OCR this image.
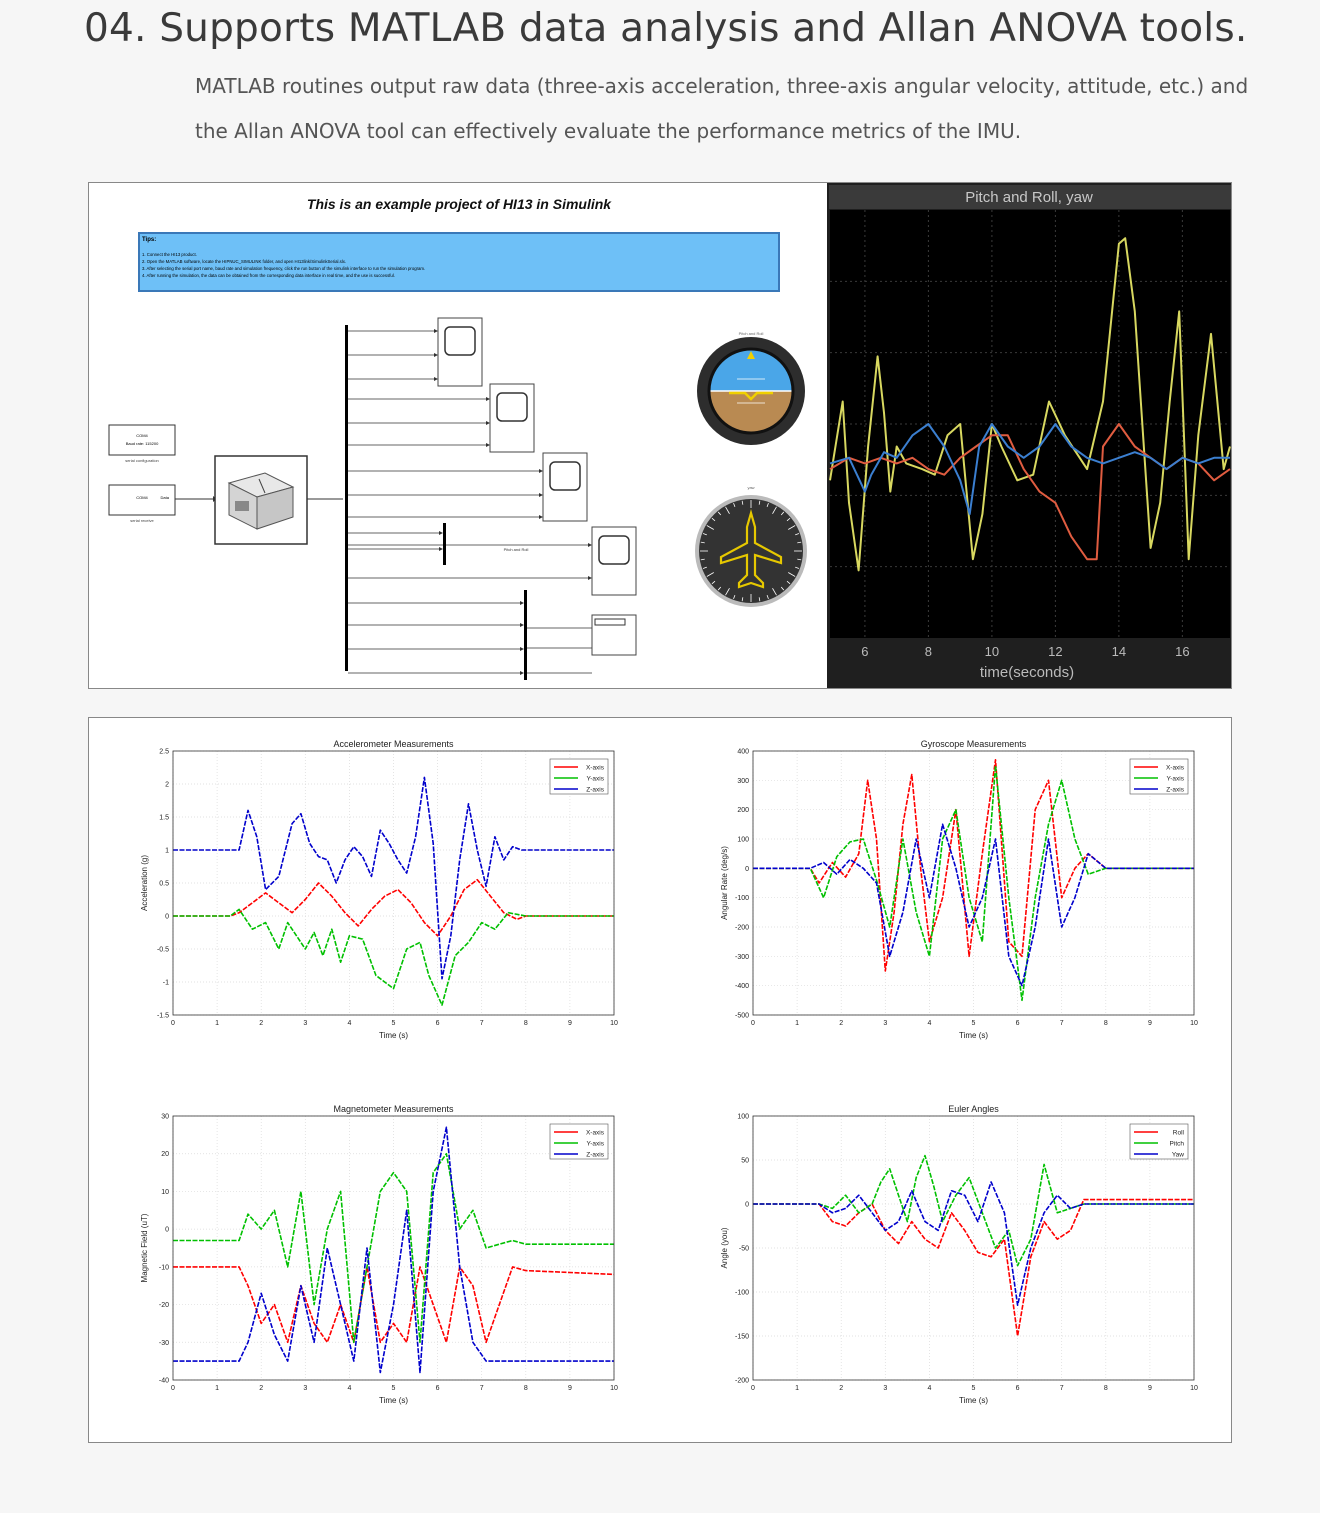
04. Supports MATLAB data analysis and Allan ANOVA tools.
MATLAB routines output raw data (three-axis acceleration, three-axis angular velocity, attitude, etc.) and
the Allan ANOVA tool can effectively evaluate the performance metrics of the IMU.
This is an example project of HI13 in Simulink
Tips:
1. Connect the HI13 product.
2. Open the MATLAB software, locate the HIPNUC_SIMULINK folder, and open HI13link/SimulinkSerial.slx.
3. After selecting the serial port name, baud rate and simulation frequency, click the run button of the simulink interface to run the simulation program.
4. After running the simulation, the data can be obtained from the corresponding data interface in real time, and the use is successful.
COM4
Baud rate: 115200
serial configuration
COM4	Data
serial receive
Pitch and Roll
Pitch and Roll
yaw
Pitch and Roll, yaw
6	8	10	12	14	16
time(seconds)
Accelerometer Measurements
Time (s)
Acceleration (g)
0	1	2	3	4	5	6	7	8	9	10
-1.5
-1
-0.5
0
0.5
1
1.5
2
2.5
X-axis
Y-axis
Z-axis
Gyroscope Measurements
Time (s)
Angular Rate (deg/s)
0	1	2	3	4	5	6	7	8	9	10
-500
-400
-300
-200
-100
0
100
200
300
400
X-axis
Y-axis
Z-axis
Magnetometer Measurements
Time (s)
Magnetic Field (uT)
0	1	2	3	4	5	6	7	8	9	10
-40
-30
-20
-10
0
10
20
30
X-axis
Y-axis
Z-axis
Euler Angles
Time (s)
Angle (you)
0	1	2	3	4	5	6	7	8	9	10
-200
-150
-100
-50
0
50
100
Roll
Pitch
Yaw
